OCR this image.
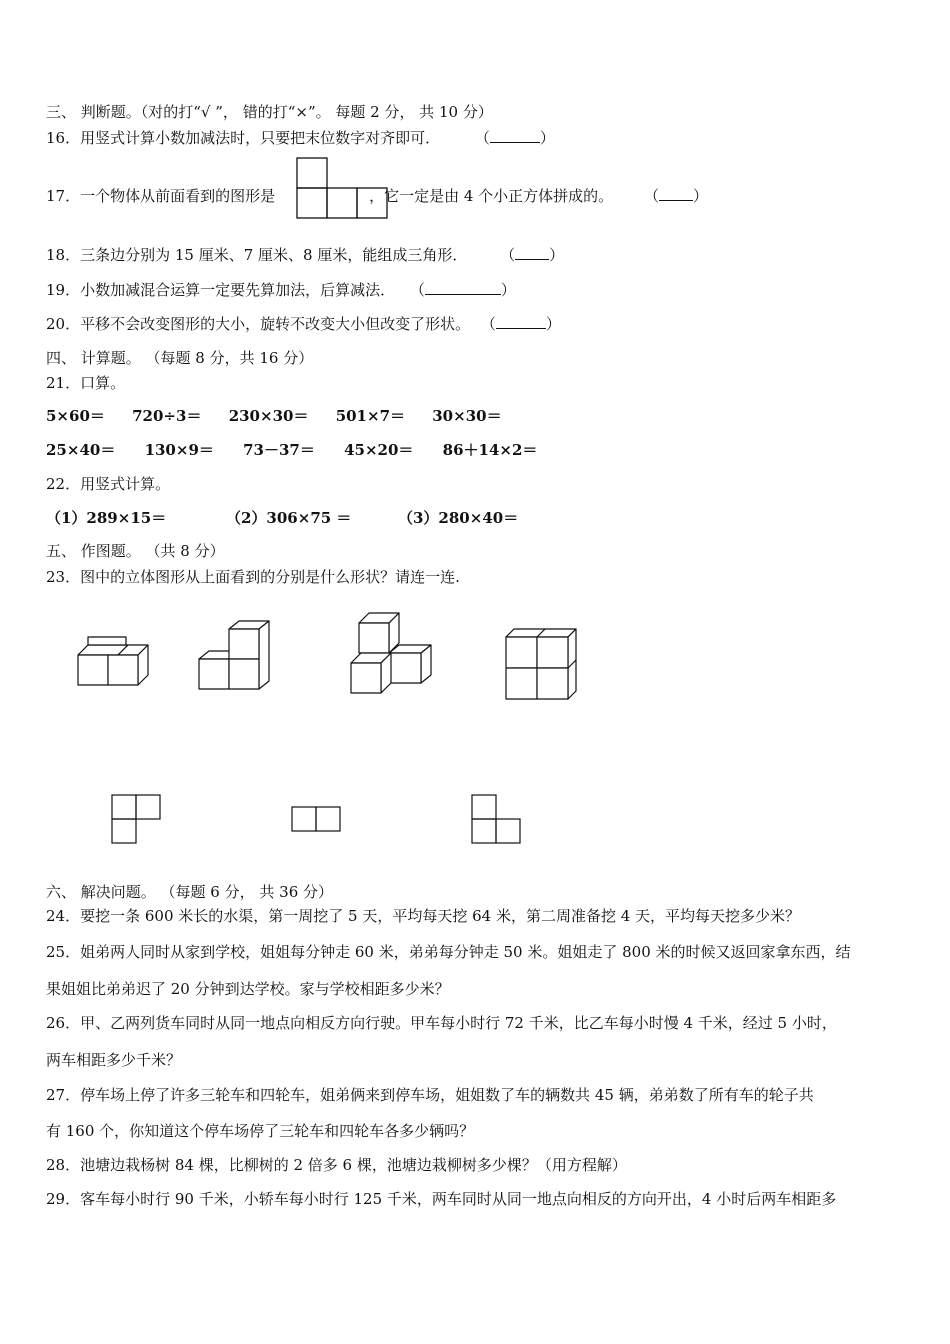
三、 判断题。（对的打“√ ”， 错的打“×”。 每题 2 分， 共 10 分）
16．用竖式计算小数加减法时，只要把末位数字对齐即可． （	）
17．一个物体从前面看到的图形是	，它一定是由 4 个小正方体拼成的。 （ ）
18．三条边分别为 15 厘米、7 厘米、8 厘米，能组成三角形． （ ）
19．小数加减混合运算一定要先算加法，后算减法． （	）
20．平移不会改变图形的大小，旋转不改变大小但改变了形状。 （	）
四、 计算题。 （每题 8 分，共 16 分）
21．口算。
5×60＝ 720÷3＝ 230×30＝ 501×7＝ 30×30＝
25×40＝ 130×9＝ 73－37＝ 45×20＝ 86＋14×2＝
22．用竖式计算。
（1）289×15＝	（2）306×75 ＝	（3）280×40＝
五、 作图题。 （共 8 分）
23．图中的立体图形从上面看到的分别是什么形状？请连一连.
六、 解决问题。 （每题 6 分， 共 36 分）
24．要挖一条 600 米长的水渠，第一周挖了 5 天，平均每天挖 64 米，第二周准备挖 4 天，平均每天挖多少米？
25．姐弟两人同时从家到学校，姐姐每分钟走 60 米，弟弟每分钟走 50 米。姐姐走了 800 米的时候又返回家拿东西，结
果姐姐比弟弟迟了 20 分钟到达学校。家与学校相距多少米？
26．甲、乙两列货车同时从同一地点向相反方向行驶。甲车每小时行 72 千米，比乙车每小时慢 4 千米，经过 5 小时，
两车相距多少千米？
27．停车场上停了许多三轮车和四轮车，姐弟俩来到停车场，姐姐数了车的辆数共 45 辆，弟弟数了所有车的轮子共
有 160 个，你知道这个停车场停了三轮车和四轮车各多少辆吗？
28．池塘边栽杨树 84 棵，比柳树的 2 倍多 6 棵，池塘边栽柳树多少棵？（用方程解）
29．客车每小时行 90 千米，小轿车每小时行 125 千米，两车同时从同一地点向相反的方向开出，4 小时后两车相距多
